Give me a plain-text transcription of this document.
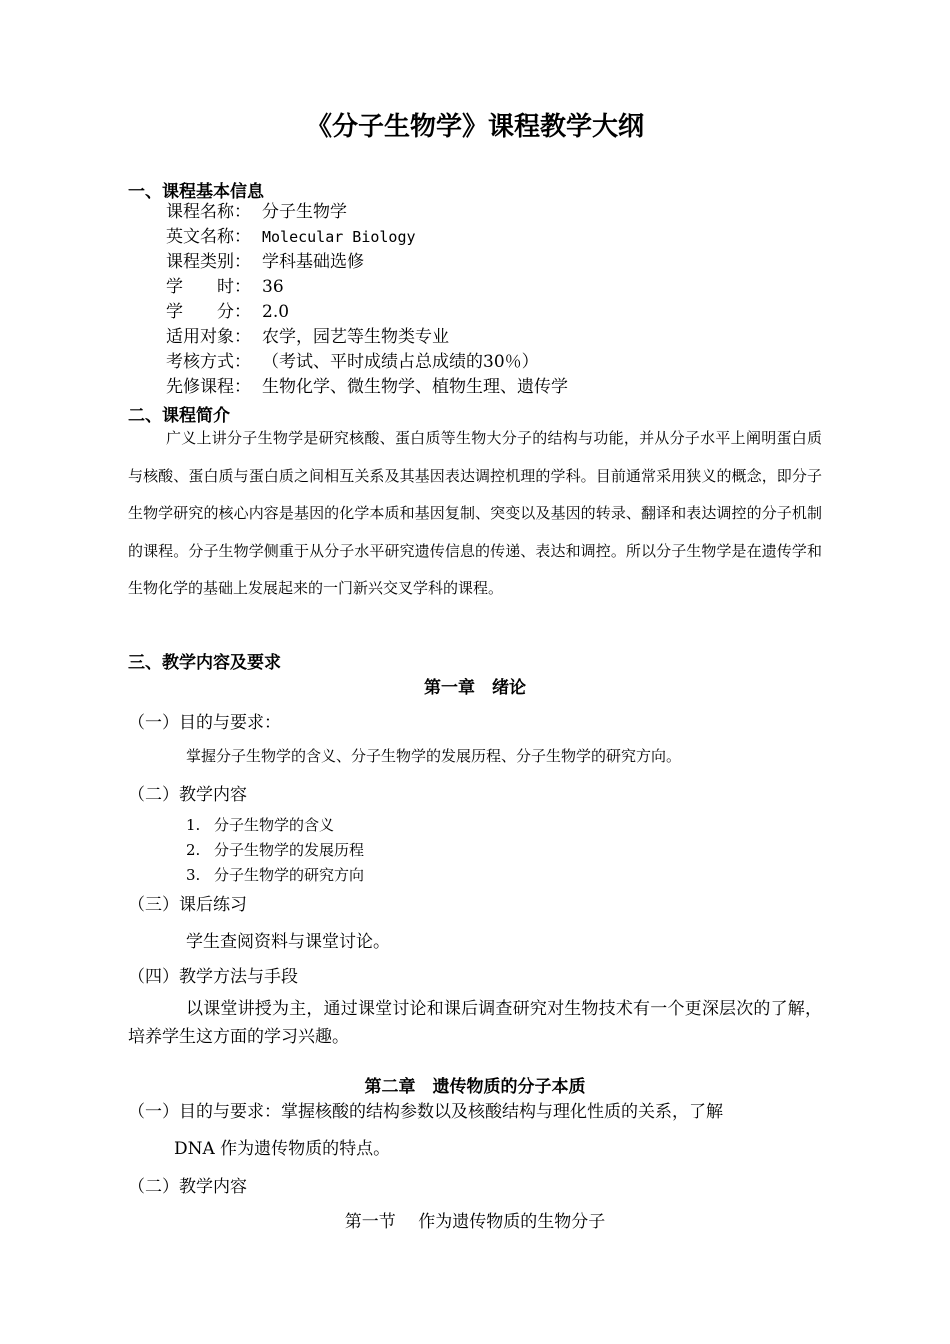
《分子生物学》课程教学大纲
一、课程基本信息
课程名称： 分子生物学
英文名称： Molecular Biology
课程类别： 学科基础选修
学　　时： 36
学　　分： 2.0
适用对象： 农学，园艺等生物类专业
考核方式： （考试、平时成绩占总成绩的30％）
先修课程： 生物化学、微生物学、植物生理、遗传学
二、课程简介
广义上讲分子生物学是研究核酸、蛋白质等生物大分子的结构与功能，并从分子水平上阐明蛋白质与核酸、蛋白质与蛋白质之间相互关系及其基因表达调控机理的学科。目前通常采用狭义的概念，即分子生物学研究的核心内容是基因的化学本质和基因复制、突变以及基因的转录、翻译和表达调控的分子机制的课程。分子生物学侧重于从分子水平研究遗传信息的传递、表达和调控。所以分子生物学是在遗传学和生物化学的基础上发展起来的一门新兴交叉学科的课程。
三、教学内容及要求
第一章　绪论
（一）目的与要求：
掌握分子生物学的含义、分子生物学的发展历程、分子生物学的研究方向。
（二）教学内容
1. 分子生物学的含义
2. 分子生物学的发展历程
3. 分子生物学的研究方向
（三）课后练习
学生查阅资料与课堂讨论。
（四）教学方法与手段
以课堂讲授为主，通过课堂讨论和课后调查研究对生物技术有一个更深层次的了解，培养学生这方面的学习兴趣。
第二章　遗传物质的分子本质
（一）目的与要求：掌握核酸的结构参数以及核酸结构与理化性质的关系，了解
DNA 作为遗传物质的特点。
（二）教学内容
第一节　 作为遗传物质的生物分子
